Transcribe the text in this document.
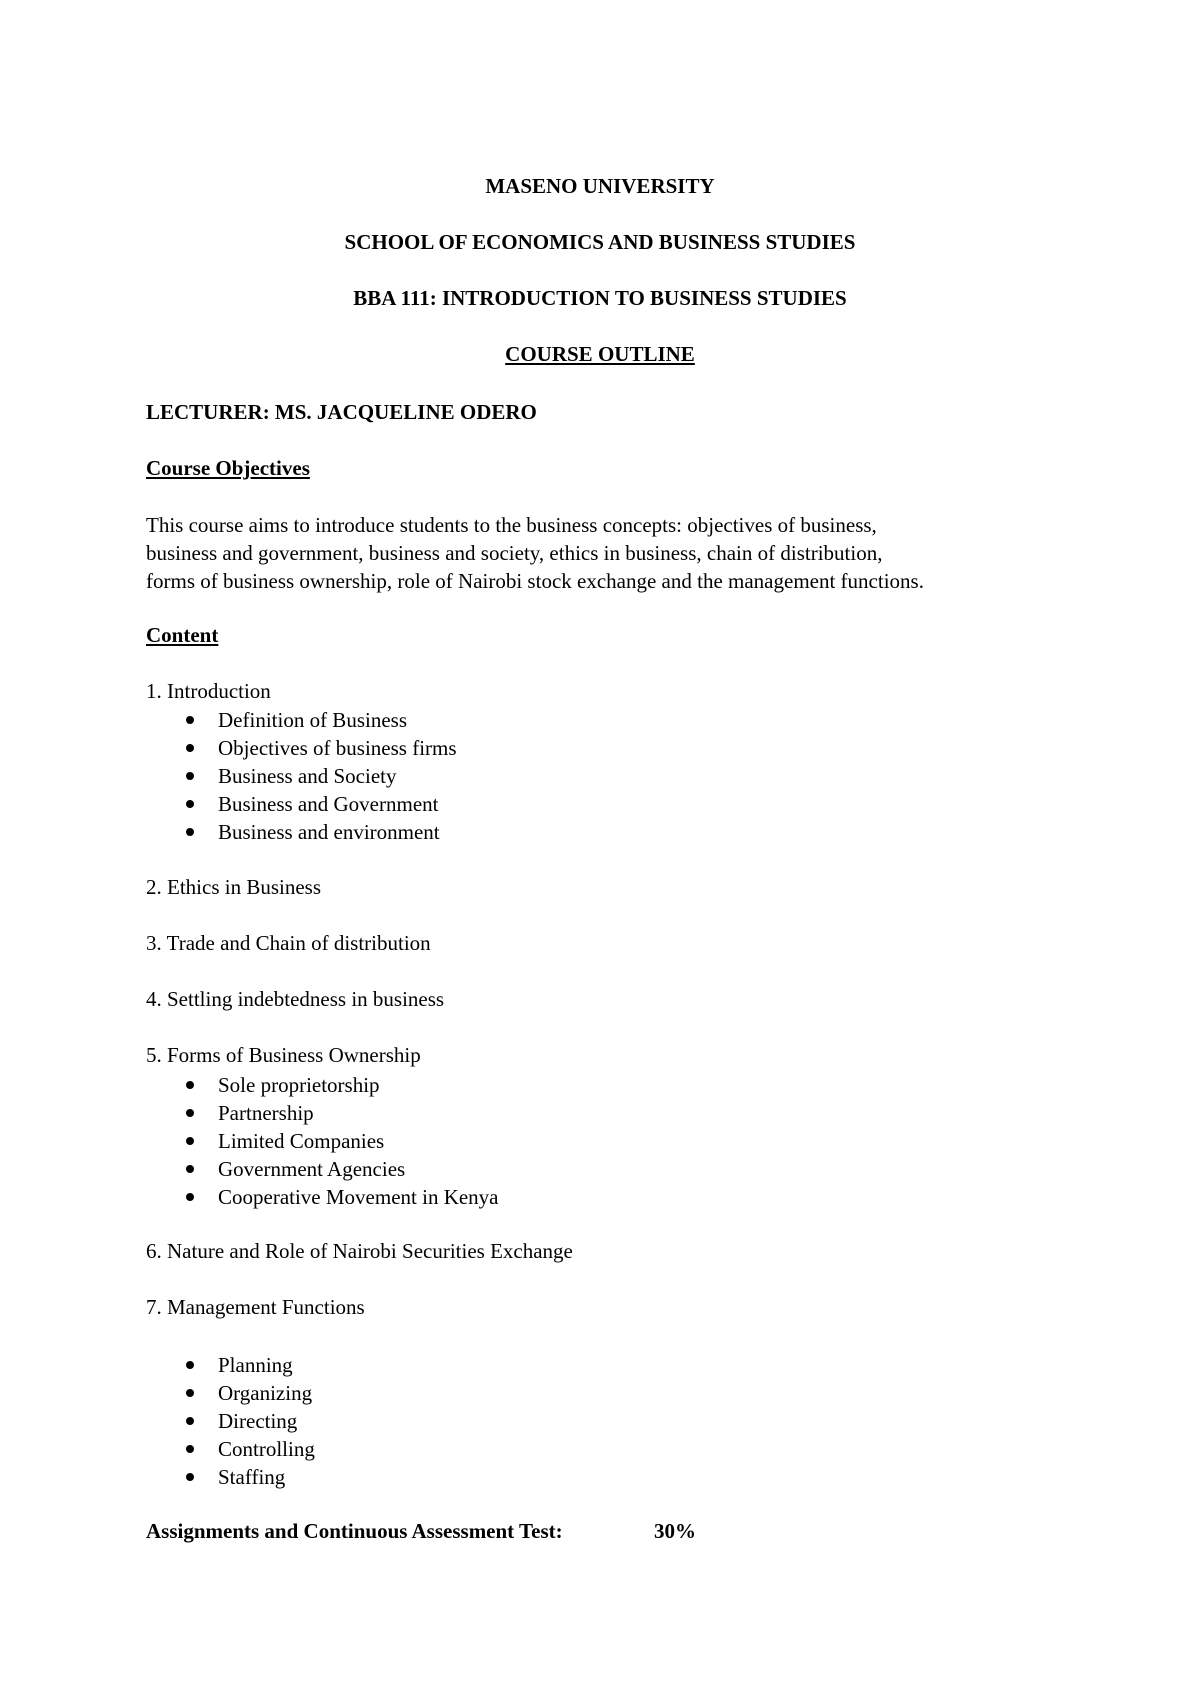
MASENO UNIVERSITY
SCHOOL OF ECONOMICS AND BUSINESS STUDIES
BBA 111: INTRODUCTION TO BUSINESS STUDIES
COURSE OUTLINE
LECTURER: MS. JACQUELINE ODERO
Course Objectives
This course aims to introduce students to the business concepts: objectives of business,
business and government, business and society, ethics in business, chain of distribution,
forms of business ownership, role of Nairobi stock exchange and the management functions.
Content
1. Introduction
Definition of Business
Objectives of business firms
Business and Society
Business and Government
Business and environment
2. Ethics in Business
3. Trade and Chain of distribution
4. Settling indebtedness in business
5. Forms of Business Ownership
Sole proprietorship
Partnership
Limited Companies
Government Agencies
Cooperative Movement in Kenya
6. Nature and Role of Nairobi Securities Exchange
7. Management Functions
Planning
Organizing
Directing
Controlling
Staffing
Assignments and Continuous Assessment Test:	30%
